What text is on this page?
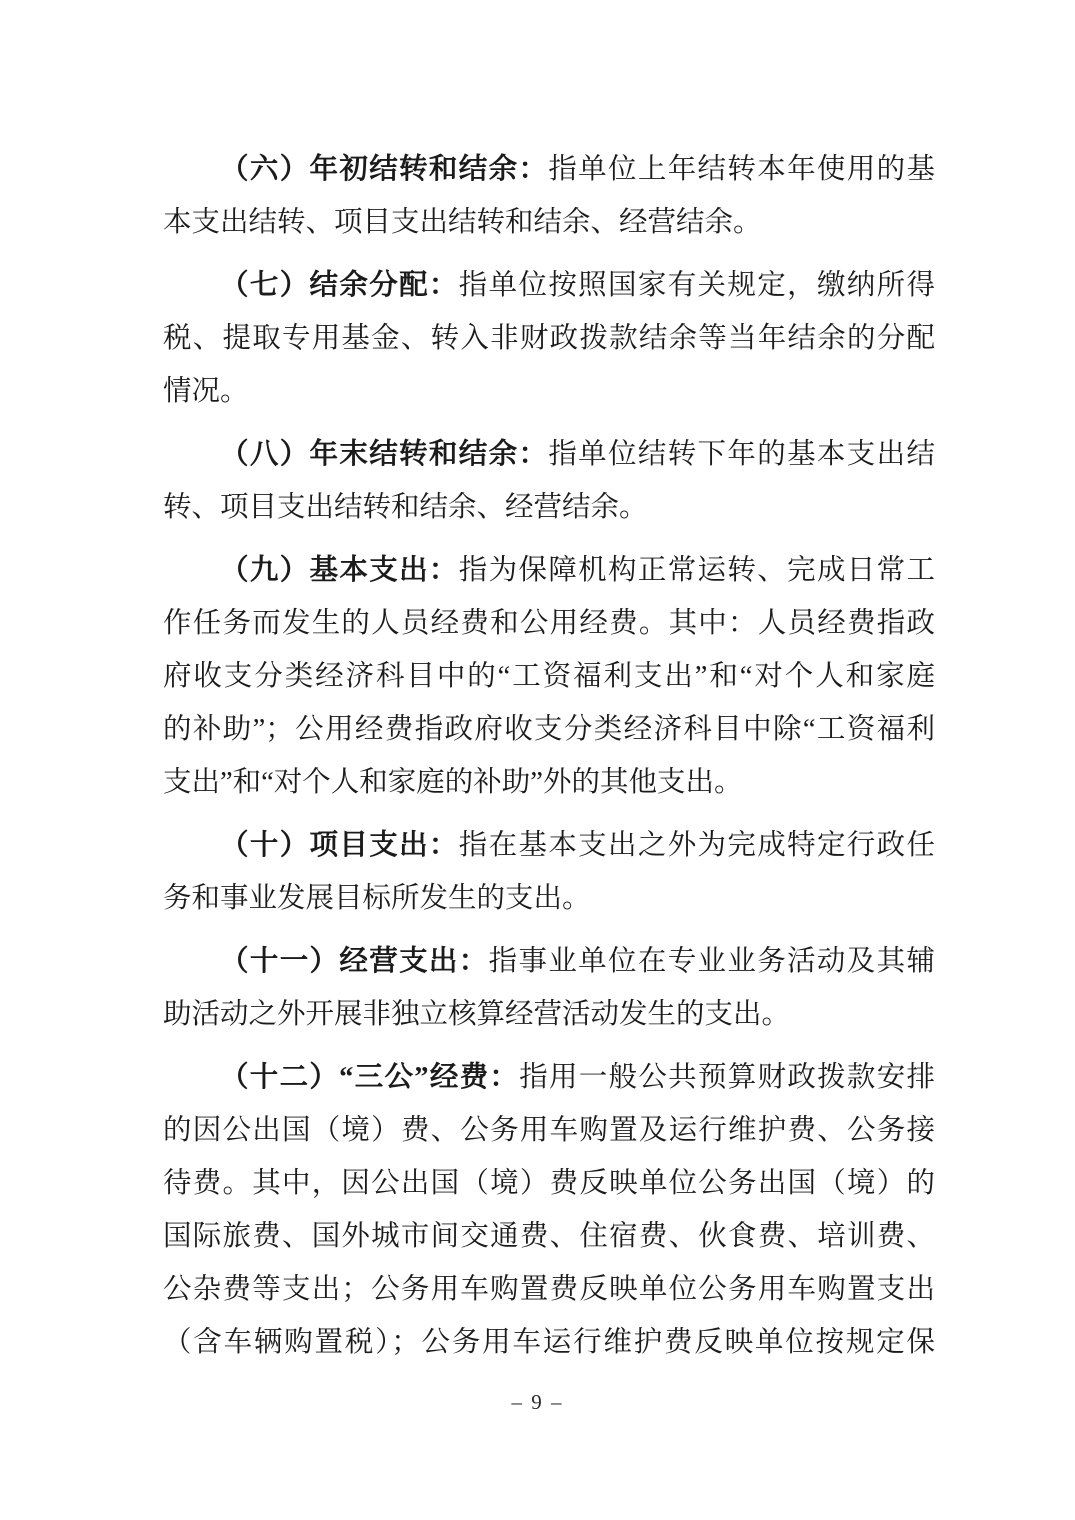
（六）年初结转和结余：指单位上年结转本年使用的基
本支出结转、项目支出结转和结余、经营结余。
（七）结余分配：指单位按照国家有关规定，缴纳所得
税、提取专用基金、转入非财政拨款结余等当年结余的分配
情况。
（八）年末结转和结余：指单位结转下年的基本支出结
转、项目支出结转和结余、经营结余。
（九）基本支出：指为保障机构正常运转、完成日常工
作任务而发生的人员经费和公用经费。其中：人员经费指政
府收支分类经济科目中的“工资福利支出”和“对个人和家庭
的补助”；公用经费指政府收支分类经济科目中除“工资福利
支出”和“对个人和家庭的补助”外的其他支出。
（十）项目支出：指在基本支出之外为完成特定行政任
务和事业发展目标所发生的支出。
（十一）经营支出：指事业单位在专业业务活动及其辅
助活动之外开展非独立核算经营活动发生的支出。
（十二）“三公”经费：指用一般公共预算财政拨款安排
的因公出国（境）费、公务用车购置及运行维护费、公务接
待费。其中，因公出国（境）费反映单位公务出国（境）的
国际旅费、国外城市间交通费、住宿费、伙食费、培训费、
公杂费等支出；公务用车购置费反映单位公务用车购置支出
（含车辆购置税）；公务用车运行维护费反映单位按规定保
– 9 –
